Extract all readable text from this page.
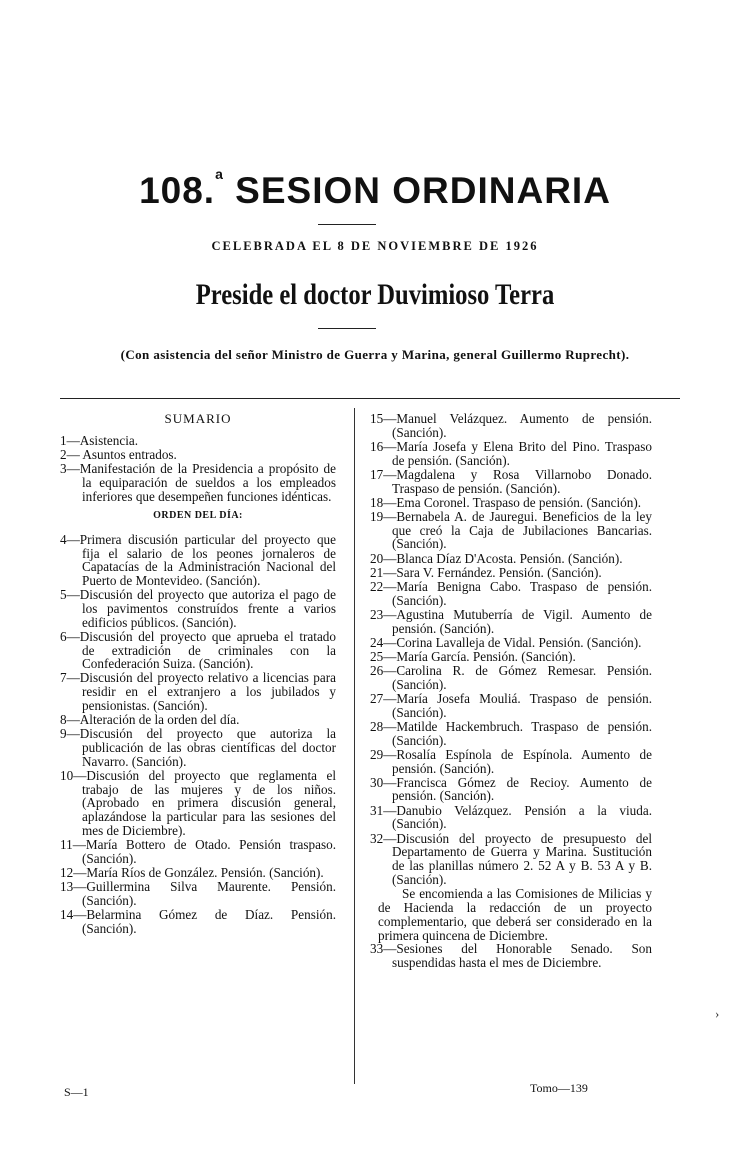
108.$^a$ SESION ORDINARIA
CELEBRADA EL 8 DE NOVIEMBRE DE 1926
Preside el doctor Duvimioso Terra
(Con asistencia del señor Ministro de Guerra y Marina, general Guillermo Ruprecht).
SUMARIO
1—Asistencia.
2— Asuntos entrados.
3—Manifestación de la Presidencia a propósito de la equiparación de sueldos a los empleados inferiores que desempeñen funciones idénticas.
ORDEN DEL DÍA:
4—Primera discusión particular del proyecto que fija el salario de los peones jornaleros de Capatacías de la Administración Nacional del Puerto de Montevideo. (Sanción).
5—Discusión del proyecto que autoriza el pago de los pavimentos construídos frente a varios edificios públicos. (Sanción).
6—Discusión del proyecto que aprueba el tratado de extradición de criminales con la Confederación Suiza. (Sanción).
7—Discusión del proyecto relativo a licencias para residir en el extranjero a los jubilados y pensionistas. (Sanción).
8—Alteración de la orden del día.
9—Discusión del proyecto que autoriza la publicación de las obras científicas del doctor Navarro. (Sanción).
10—Discusión del proyecto que reglamenta el trabajo de las mujeres y de los niños. (Aprobado en primera discusión general, aplazándose la particular para las sesiones del mes de Diciembre).
11—María Bottero de Otado. Pensión traspaso. (Sanción).
12—María Ríos de González. Pensión. (Sanción).
13—Guillermina Silva Maurente. Pensión. (Sanción).
14—Belarmina Gómez de Díaz. Pensión. (Sanción).
15—Manuel Velázquez. Aumento de pensión. (Sanción).
16—María Josefa y Elena Brito del Pino. Traspaso de pensión. (Sanción).
17—Magdalena y Rosa Villarnobo Donado. Traspaso de pensión. (Sanción).
18—Ema Coronel. Traspaso de pensión. (Sanción).
19—Bernabela A. de Jauregui. Beneficios de la ley que creó la Caja de Jubilaciones Bancarias. (Sanción).
20—Blanca Díaz D'Acosta. Pensión. (Sanción).
21—Sara V. Fernández. Pensión. (Sanción).
22—María Benigna Cabo. Traspaso de pensión. (Sanción).
23—Agustina Mutuberría de Vigil. Aumento de pensión. (Sanción).
24—Corina Lavalleja de Vidal. Pensión. (Sanción).
25—María García. Pensión. (Sanción).
26—Carolina R. de Gómez Remesar. Pensión. (Sanción).
27—María Josefa Mouliá. Traspaso de pensión. (Sanción).
28—Matilde Hackembruch. Traspaso de pensión. (Sanción).
29—Rosalía Espínola de Espínola. Aumento de pensión. (Sanción).
30—Francisca Gómez de Recioy. Aumento de pensión. (Sanción).
31—Danubio Velázquez. Pensión a la viuda. (Sanción).
32—Discusión del proyecto de presupuesto del Departamento de Guerra y Marina. Sustitución de las planillas número 2. 52 A y B. 53 A y B. (Sanción).
Se encomienda a las Comisiones de Milicias y de Hacienda la redacción de un proyecto complementario, que deberá ser considerado en la primera quincena de Diciembre.
33—Sesiones del Honorable Senado. Son suspendidas hasta el mes de Diciembre.
S—1	Tomo—139
›
